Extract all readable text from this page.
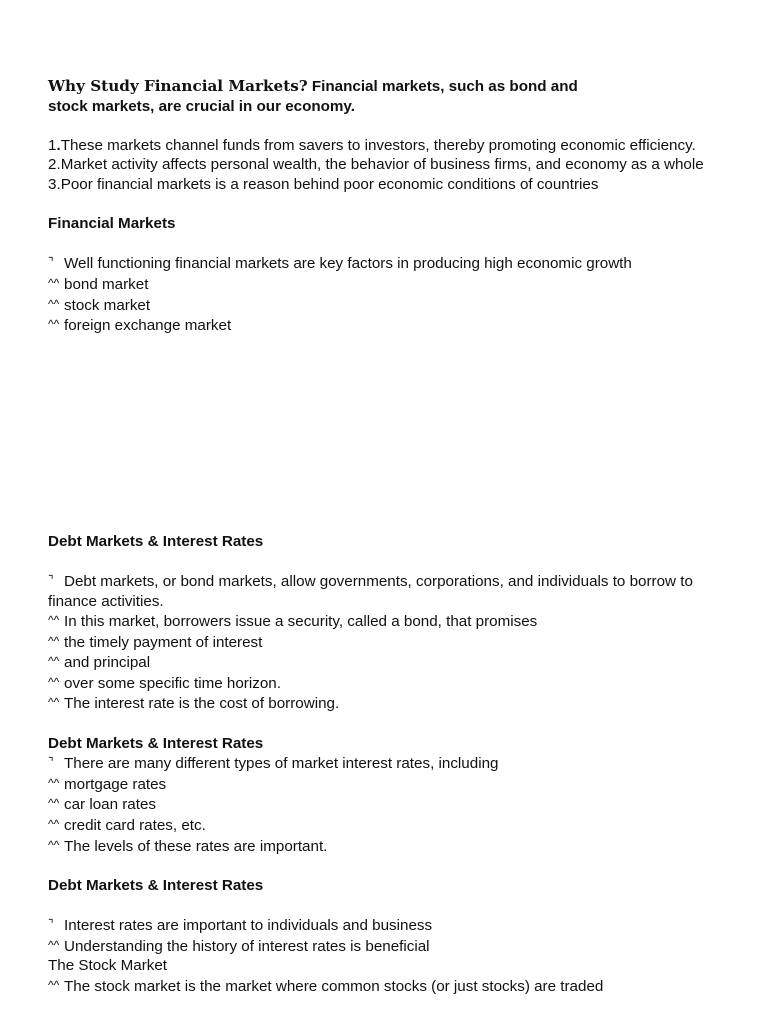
Why Study Financial Markets? Financial markets, such as bond and
stock markets, are crucial in our economy.
1.These markets channel funds from savers to investors, thereby promoting economic efficiency.
2.Market activity affects personal wealth, the behavior of business firms, and economy as a whole
3.Poor financial markets is a reason behind poor economic conditions of countries
Financial Markets
⌝ Well functioning financial markets are key factors in producing high economic growth
^^ bond market
^^ stock market
^^ foreign exchange market
Debt Markets & Interest Rates
⌝ Debt markets, or bond markets, allow governments, corporations, and individuals to borrow to finance activities.
^^ In this market, borrowers issue a security, called a bond, that promises
^^ the timely payment of interest
^^ and principal
^^ over some specific time horizon.
^^ The interest rate is the cost of borrowing.
Debt Markets & Interest Rates
⌝ There are many different types of market interest rates, including
^^ mortgage rates
^^ car loan rates
^^ credit card rates, etc.
^^ The levels of these rates are important.
Debt Markets & Interest Rates
⌝ Interest rates are important to individuals and business
^^ Understanding the history of interest rates is beneficial
The Stock Market
^^ The stock market is the market where common stocks (or just stocks) are traded
